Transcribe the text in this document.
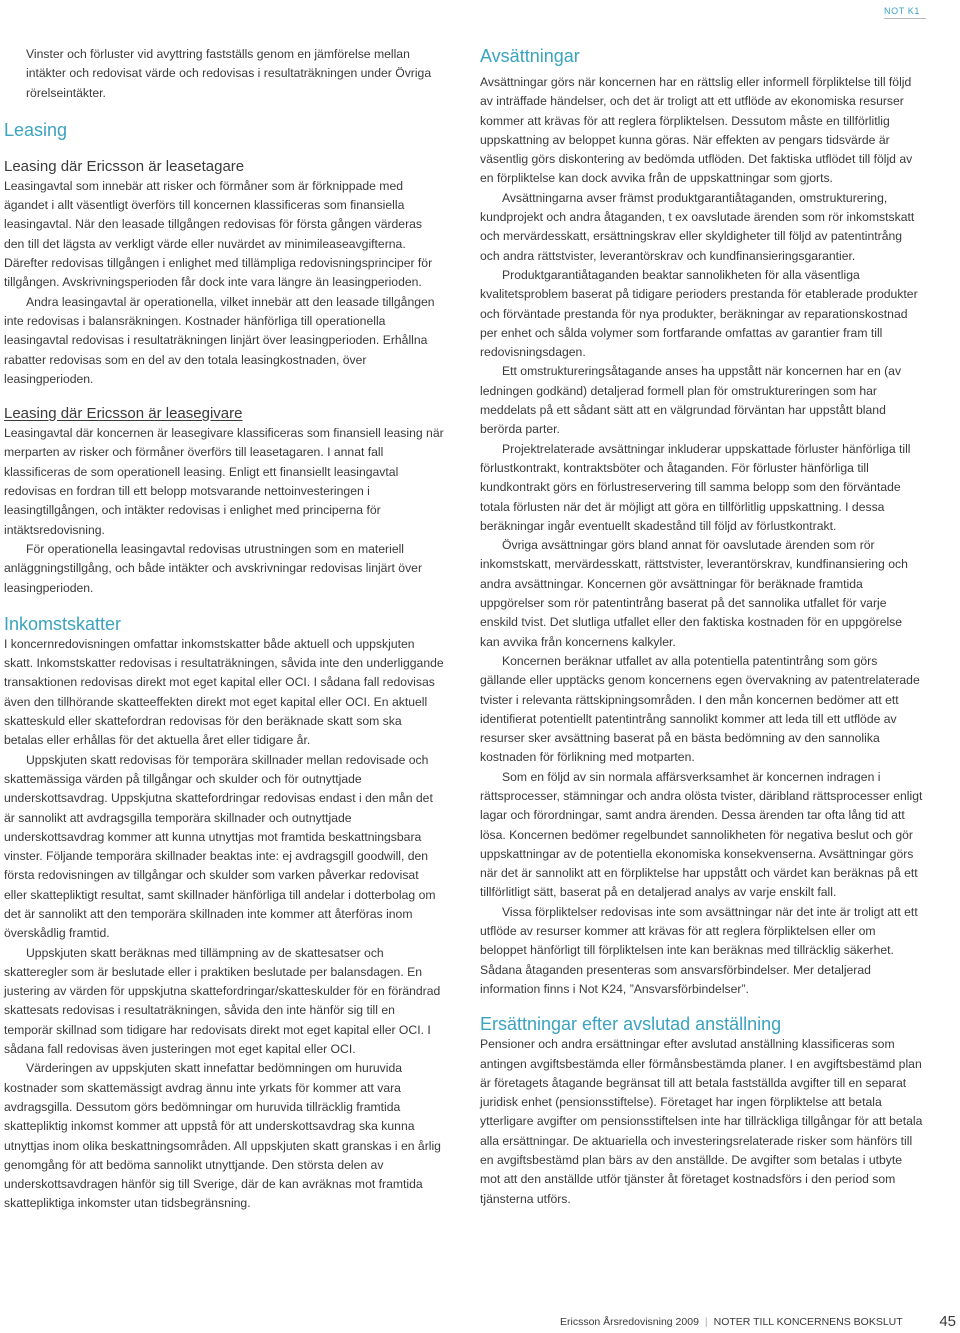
NOT K1

Vinster och förluster vid avyttring fastställs genom en jämförelse mellan intäkter och redovisat värde och redovisas i resultaträkningen under Övriga rörelseintäkter.

Leasing
Leasing där Ericsson är leasetagare

Leasingavtal som innebär att risker och förmåner som är förknippade med ägandet i allt väsentligt överförs till koncernen klassificeras som finansiella leasingavtal. När den leasade tillgången redovisas för första gången värderas den till det lägsta av verkligt värde eller nuvärdet av minimileaseavgifterna. Därefter redovisas tillgången i enlighet med tillämpliga redovisningsprinciper för tillgången. Avskrivningsperioden får dock inte vara längre än leasingperioden.

Andra leasingavtal är operationella, vilket innebär att den leasade tillgången inte redovisas i balansräkningen. Kostnader hänförliga till operationella leasingavtal redovisas i resultaträkningen linjärt över leasingperioden. Erhållna rabatter redovisas som en del av den totala leasingkostnaden, över leasingperioden.

Leasing där Ericsson är leasegivare

Leasingavtal där koncernen är leasegivare klassificeras som finansiell leasing när merparten av risker och förmåner överförs till leasetagaren. I annat fall klassificeras de som operationell leasing. Enligt ett finansiellt leasingavtal redovisas en fordran till ett belopp motsvarande nettoinvesteringen i leasingtillgången, och intäkter redovisas i enlighet med principerna för intäktsredovisning.

För operationella leasingavtal redovisas utrustningen som en materiell anläggningstillgång, och både intäkter och avskrivningar redovisas linjärt över leasingperioden.

Inkomstskatter

I koncernredovisningen omfattar inkomstskatter både aktuell och uppskjuten skatt. Inkomstskatter redovisas i resultaträkningen, såvida inte den underliggande transaktionen redovisas direkt mot eget kapital eller OCI. I sådana fall redovisas även den tillhörande skatteeffekten direkt mot eget kapital eller OCI. En aktuell skatteskuld eller skattefordran redovisas för den beräknade skatt som ska betalas eller erhållas för det aktuella året eller tidigare år.

Uppskjuten skatt redovisas för temporära skillnader mellan redovisade och skattemässiga värden på tillgångar och skulder och för outnyttjade underskottsavdrag. Uppskjutna skattefordringar redovisas endast i den mån det är sannolikt att avdragsgilla temporära skillnader och outnyttjade underskottsavdrag kommer att kunna utnyttjas mot framtida beskattningsbara vinster. Följande temporära skillnader beaktas inte: ej avdragsgill goodwill, den första redovisningen av tillgångar och skulder som varken påverkar redovisat eller skattepliktigt resultat, samt skillnader hänförliga till andelar i dotterbolag om det är sannolikt att den temporära skillnaden inte kommer att återföras inom överskådlig framtid.

Uppskjuten skatt beräknas med tillämpning av de skattesatser och skatteregler som är beslutade eller i praktiken beslutade per balansdagen. En justering av värden för uppskjutna skattefordringar/skatteskulder för en förändrad skattesats redovisas i resultaträkningen, såvida den inte hänför sig till en temporär skillnad som tidigare har redovisats direkt mot eget kapital eller OCI. I sådana fall redovisas även justeringen mot eget kapital eller OCI.

Värderingen av uppskjuten skatt innefattar bedömningen om huruvida kostnader som skattemässigt avdrag ännu inte yrkats för kommer att vara avdragsgilla. Dessutom görs bedömningar om huruvida tillräcklig framtida skattepliktig inkomst kommer att uppstå för att underskottsavdrag ska kunna utnyttjas inom olika beskattningsområden. All uppskjuten skatt granskas i en årlig genomgång för att bedöma sannolikt utnyttjande. Den största delen av underskottsavdragen hänför sig till Sverige, där de kan avräknas mot framtida skattepliktiga inkomster utan tidsbegränsning.

Avsättningar

Avsättningar görs när koncernen har en rättslig eller informell förpliktelse till följd av inträffade händelser, och det är troligt att ett utflöde av ekonomiska resurser kommer att krävas för att reglera förpliktelsen. Dessutom måste en tillförlitlig uppskattning av beloppet kunna göras. När effekten av pengars tidsvärde är väsentlig görs diskontering av bedömda utflöden. Det faktiska utflödet till följd av en förpliktelse kan dock avvika från de uppskattningar som gjorts.

Avsättningarna avser främst produktgarantiåtaganden, omstrukturering, kundprojekt och andra åtaganden, t ex oavslutade ärenden som rör inkomstskatt och mervärdesskatt, ersättningskrav eller skyldigheter till följd av patentintrång och andra rättstvister, leverantörskrav och kundfinansieringsgarantier.

Produktgarantiåtaganden beaktar sannolikheten för alla väsentliga kvalitetsproblem baserat på tidigare perioders prestanda för etablerade produkter och förväntade prestanda för nya produkter, beräkningar av reparationskostnad per enhet och sålda volymer som fortfarande omfattas av garantier fram till redovisningsdagen.

Ett omstruktureringsåtagande anses ha uppstått när koncernen har en (av ledningen godkänd) detaljerad formell plan för omstruktureringen som har meddelats på ett sådant sätt att en välgrundad förväntan har uppstått bland berörda parter.

Projektrelaterade avsättningar inkluderar uppskattade förluster hänförliga till förlustkontrakt, kontraktsböter och åtaganden. För förluster hänförliga till kundkontrakt görs en förlustreservering till samma belopp som den förväntade totala förlusten när det är möjligt att göra en tillförlitlig uppskattning. I dessa beräkningar ingår eventuellt skadestånd till följd av förlustkontrakt.

Övriga avsättningar görs bland annat för oavslutade ärenden som rör inkomstskatt, mervärdesskatt, rättstvister, leverantörskrav, kundfinansiering och andra avsättningar. Koncernen gör avsättningar för beräknade framtida uppgörelser som rör patentintrång baserat på det sannolika utfallet för varje enskild tvist. Det slutliga utfallet eller den faktiska kostnaden för en uppgörelse kan avvika från koncernens kalkyler.

Koncernen beräknar utfallet av alla potentiella patentintrång som görs gällande eller upptäcks genom koncernens egen övervakning av patentrelaterade tvister i relevanta rättskipningsområden. I den mån koncernen bedömer att ett identifierat potentiellt patentintrång sannolikt kommer att leda till ett utflöde av resurser sker avsättning baserat på en bästa bedömning av den sannolika kostnaden för förlikning med motparten.

Som en följd av sin normala affärsverksamhet är koncernen indragen i rättsprocesser, stämningar och andra olösta tvister, däribland rättsprocesser enligt lagar och förordningar, samt andra ärenden. Dessa ärenden tar ofta lång tid att lösa. Koncernen bedömer regelbundet sannolikheten för negativa beslut och gör uppskattningar av de potentiella ekonomiska konsekvenserna. Avsättningar görs när det är sannolikt att en förpliktelse har uppstått och värdet kan beräknas på ett tillförlitligt sätt, baserat på en detaljerad analys av varje enskilt fall.

Vissa förpliktelser redovisas inte som avsättningar när det inte är troligt att ett utflöde av resurser kommer att krävas för att reglera förpliktelsen eller om beloppet hänförligt till förpliktelsen inte kan beräknas med tillräcklig säkerhet. Sådana åtaganden presenteras som ansvarsförbindelser. Mer detaljerad information finns i Not K24, ”Ansvarsförbindelser”.

Ersättningar efter avslutad anställning

Pensioner och andra ersättningar efter avslutad anställning klassificeras som antingen avgiftsbestämda eller förmånsbestämda planer. I en avgiftsbestämd plan är företagets åtagande begränsat till att betala fastställda avgifter till en separat juridisk enhet (pensionsstiftelse). Företaget har ingen förpliktelse att betala ytterligare avgifter om pensionsstiftelsen inte har tillräckliga tillgångar för att betala alla ersättningar. De aktuariella och investeringsrelaterade risker som hänförs till en avgiftsbestämd plan bärs av den anställde. De avgifter som betalas i utbyte mot att den anställde utför tjänster åt företaget kostnadsförs i den period som tjänsterna utförs.

Ericsson Årsredovisning 2009 | NOTER TILL KONCERNENS BOKSLUT 45
